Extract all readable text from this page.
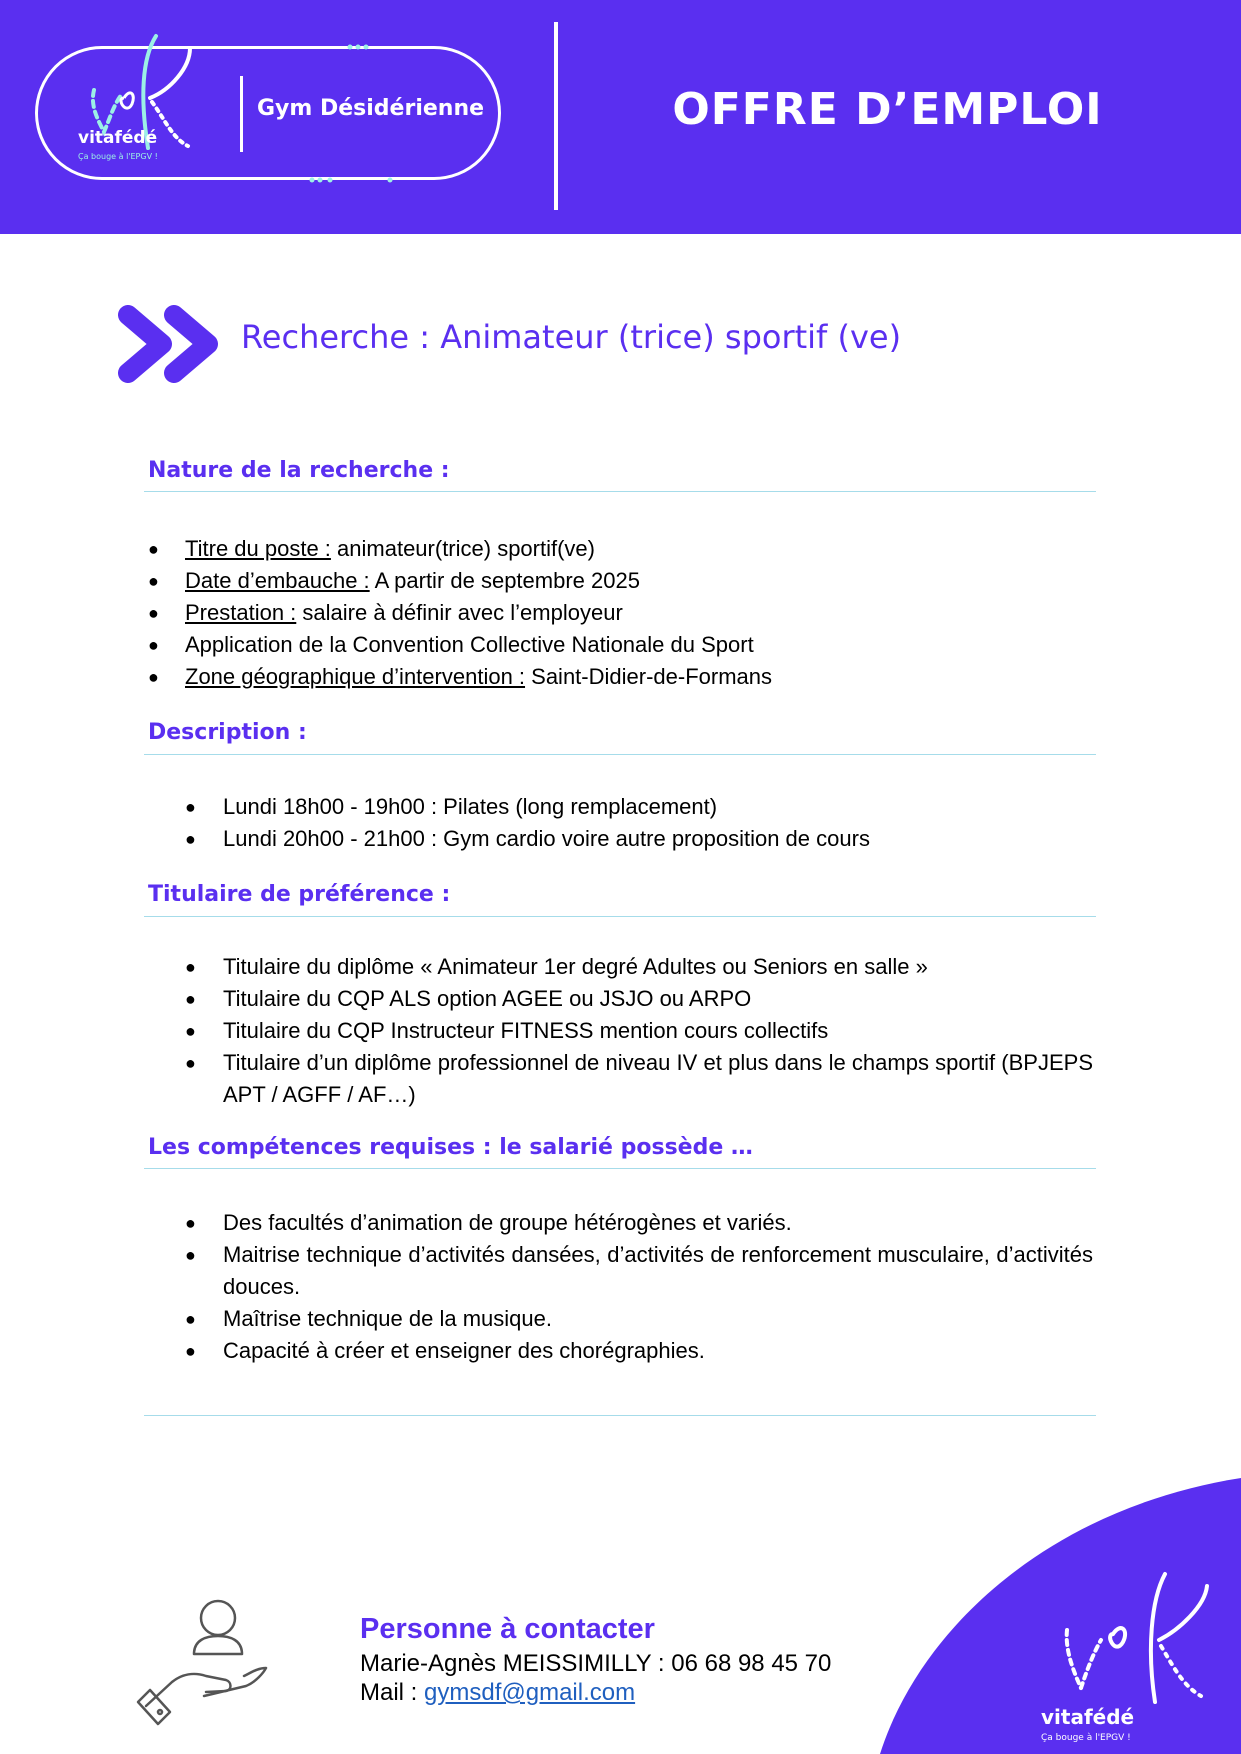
vitafédé
Ça bouge à l'EPGV !
Gym Désidérienne	OFFRE D’EMPLOI
Recherche : Animateur (trice) sportif (ve)
Nature de la recherche :
● Titre du poste : animateur(trice) sportif(ve)
● Date d’embauche : A partir de septembre 2025
● Prestation : salaire à définir avec l’employeur
● Application de la Convention Collective Nationale du Sport
● Zone géographique d’intervention : Saint-Didier-de-Formans
Description :
● Lundi 18h00 - 19h00 : Pilates (long remplacement)
● Lundi 20h00 - 21h00 : Gym cardio voire autre proposition de cours
Titulaire de préférence :
● Titulaire du diplôme « Animateur 1er degré Adultes ou Seniors en salle »
● Titulaire du CQP ALS option AGEE ou JSJO ou ARPO
● Titulaire du CQP Instructeur FITNESS mention cours collectifs
● Titulaire d’un diplôme professionnel de niveau IV et plus dans le champs sportif (BPJEPS APT / AGFF / AF…)
Les compétences requises : le salarié possède …
● Des facultés d’animation de groupe hétérogènes et variés.
● Maitrise technique d’activités dansées, d’activités de renforcement musculaire, d’activités douces.
● Maîtrise technique de la musique.
● Capacité à créer et enseigner des chorégraphies.
Personne à contacter
Marie-Agnès MEISSIMILLY : 06 68 98 45 70
Mail : gymsdf@gmail.com
vitafédé
Ça bouge à l'EPGV !
